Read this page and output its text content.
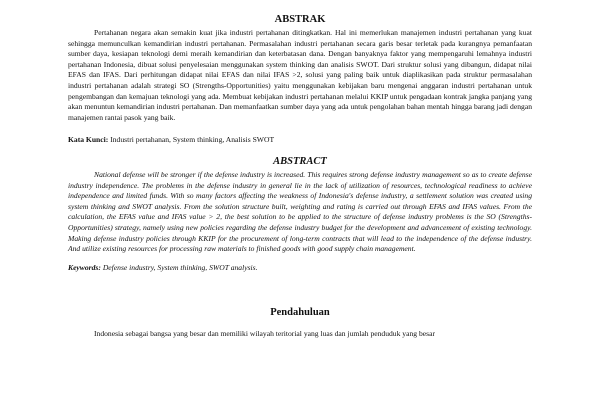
ABSTRAK

Pertahanan negara akan semakin kuat jika industri pertahanan ditingkatkan. Hal ini memerlukan manajemen industri pertahanan yang kuat sehingga memunculkan kemandirian industri pertahanan. Permasalahan industri pertahanan secara garis besar terletak pada kurangnya pemanfaatan sumber daya, kesiapan teknologi demi meraih kemandirian dan keterbatasan dana. Dengan banyaknya faktor yang mempengaruhi lemahnya industri pertahanan Indonesia, dibuat solusi penyelesaian menggunakan system thinking dan analisis SWOT. Dari struktur solusi yang dibangun, didapat nilai EFAS dan IFAS. Dari perhitungan didapat nilai EFAS dan nilai IFAS >2, solusi yang paling baik untuk diaplikasikan pada struktur permasalahan industri pertahanan adalah strategi SO (Strengths-Opportunities) yaitu menggunakan kebijakan baru mengenai anggaran industri pertahanan untuk pengembangan dan kemajuan teknologi yang ada. Membuat kebijakan industri pertahanan melalui KKIP untuk pengadaan kontrak jangka panjang yang akan menuntun kemandirian industri pertahanan. Dan memanfaatkan sumber daya yang ada untuk pengolahan bahan mentah hingga barang jadi dengan manajemen rantai pasok yang baik.

Kata Kunci: Industri pertahanan, System thinking, Analisis SWOT

ABSTRACT

National defense will be stronger if the defense industry is increased. This requires strong defense industry management so as to create defense industry independence. The problems in the defense industry in general lie in the lack of utilization of resources, technological readiness to achieve independence and limited funds. With so many factors affecting the weakness of Indonesia's defense industry, a settlement solution was created using system thinking and SWOT analysis. From the solution structure built, weighting and rating is carried out through EFAS and IFAS values. From the calculation, the EFAS value and IFAS value > 2, the best solution to be applied to the structure of defense industry problems is the SO (Strengths-Opportunities) strategy, namely using new policies regarding the defense industry budget for the development and advancement of existing technology. Making defense industry policies through KKIP for the procurement of long-term contracts that will lead to the independence of the defense industry. And utilize existing resources for processing raw materials to finished goods with good supply chain management.

Keywords: Defense industry, System thinking, SWOT analysis.

Pendahuluan

Indonesia sebagai bangsa yang besar dan memiliki wilayah teritorial yang luas dan jumlah penduduk yang besar
